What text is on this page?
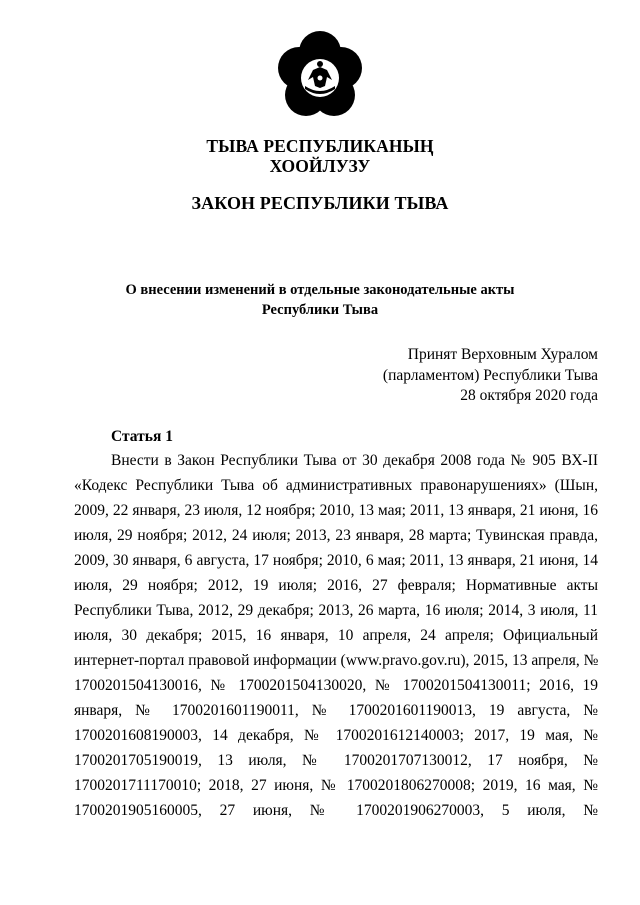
ТЫВА РЕСПУБЛИКАНЫҢ
ХООЙЛУЗУ
ЗАКОН РЕСПУБЛИКИ ТЫВА
О внесении изменений в отдельные законодательные акты
Республики Тыва
Принят Верховным Хуралом
(парламентом) Республики Тыва
28 октября 2020 года
Статья 1
Внести в Закон Республики Тыва от 30 декабря 2008 года № 905 ВХ-II
«Кодекс Республики Тыва об административных правонарушениях» (Шын,
2009, 22 января, 23 июля, 12 ноября; 2010, 13 мая; 2011, 13 января, 21 июня, 16
июля, 29 ноября; 2012, 24 июля; 2013, 23 января, 28 марта; Тувинская правда,
2009, 30 января, 6 августа, 17 ноября; 2010, 6 мая; 2011, 13 января, 21 июня, 14
июля, 29 ноября; 2012, 19 июля; 2016, 27 февраля; Нормативные акты
Республики Тыва, 2012, 29 декабря; 2013, 26 марта, 16 июля; 2014, 3 июля, 11
июля, 30 декабря; 2015, 16 января, 10 апреля, 24 апреля; Официальный
интернет-портал правовой информации (www.pravo.gov.ru), 2015, 13 апреля, №
1700201504130016, № 1700201504130020, № 1700201504130011; 2016, 19
января, № 1700201601190011, № 1700201601190013, 19 августа, №
1700201608190003, 14 декабря, № 1700201612140003; 2017, 19 мая, №
1700201705190019, 13 июля, № 1700201707130012, 17 ноября, №
1700201711170010; 2018, 27 июня, № 1700201806270008; 2019, 16 мая, №
1700201905160005, 27 июня, № 1700201906270003, 5 июля, №
